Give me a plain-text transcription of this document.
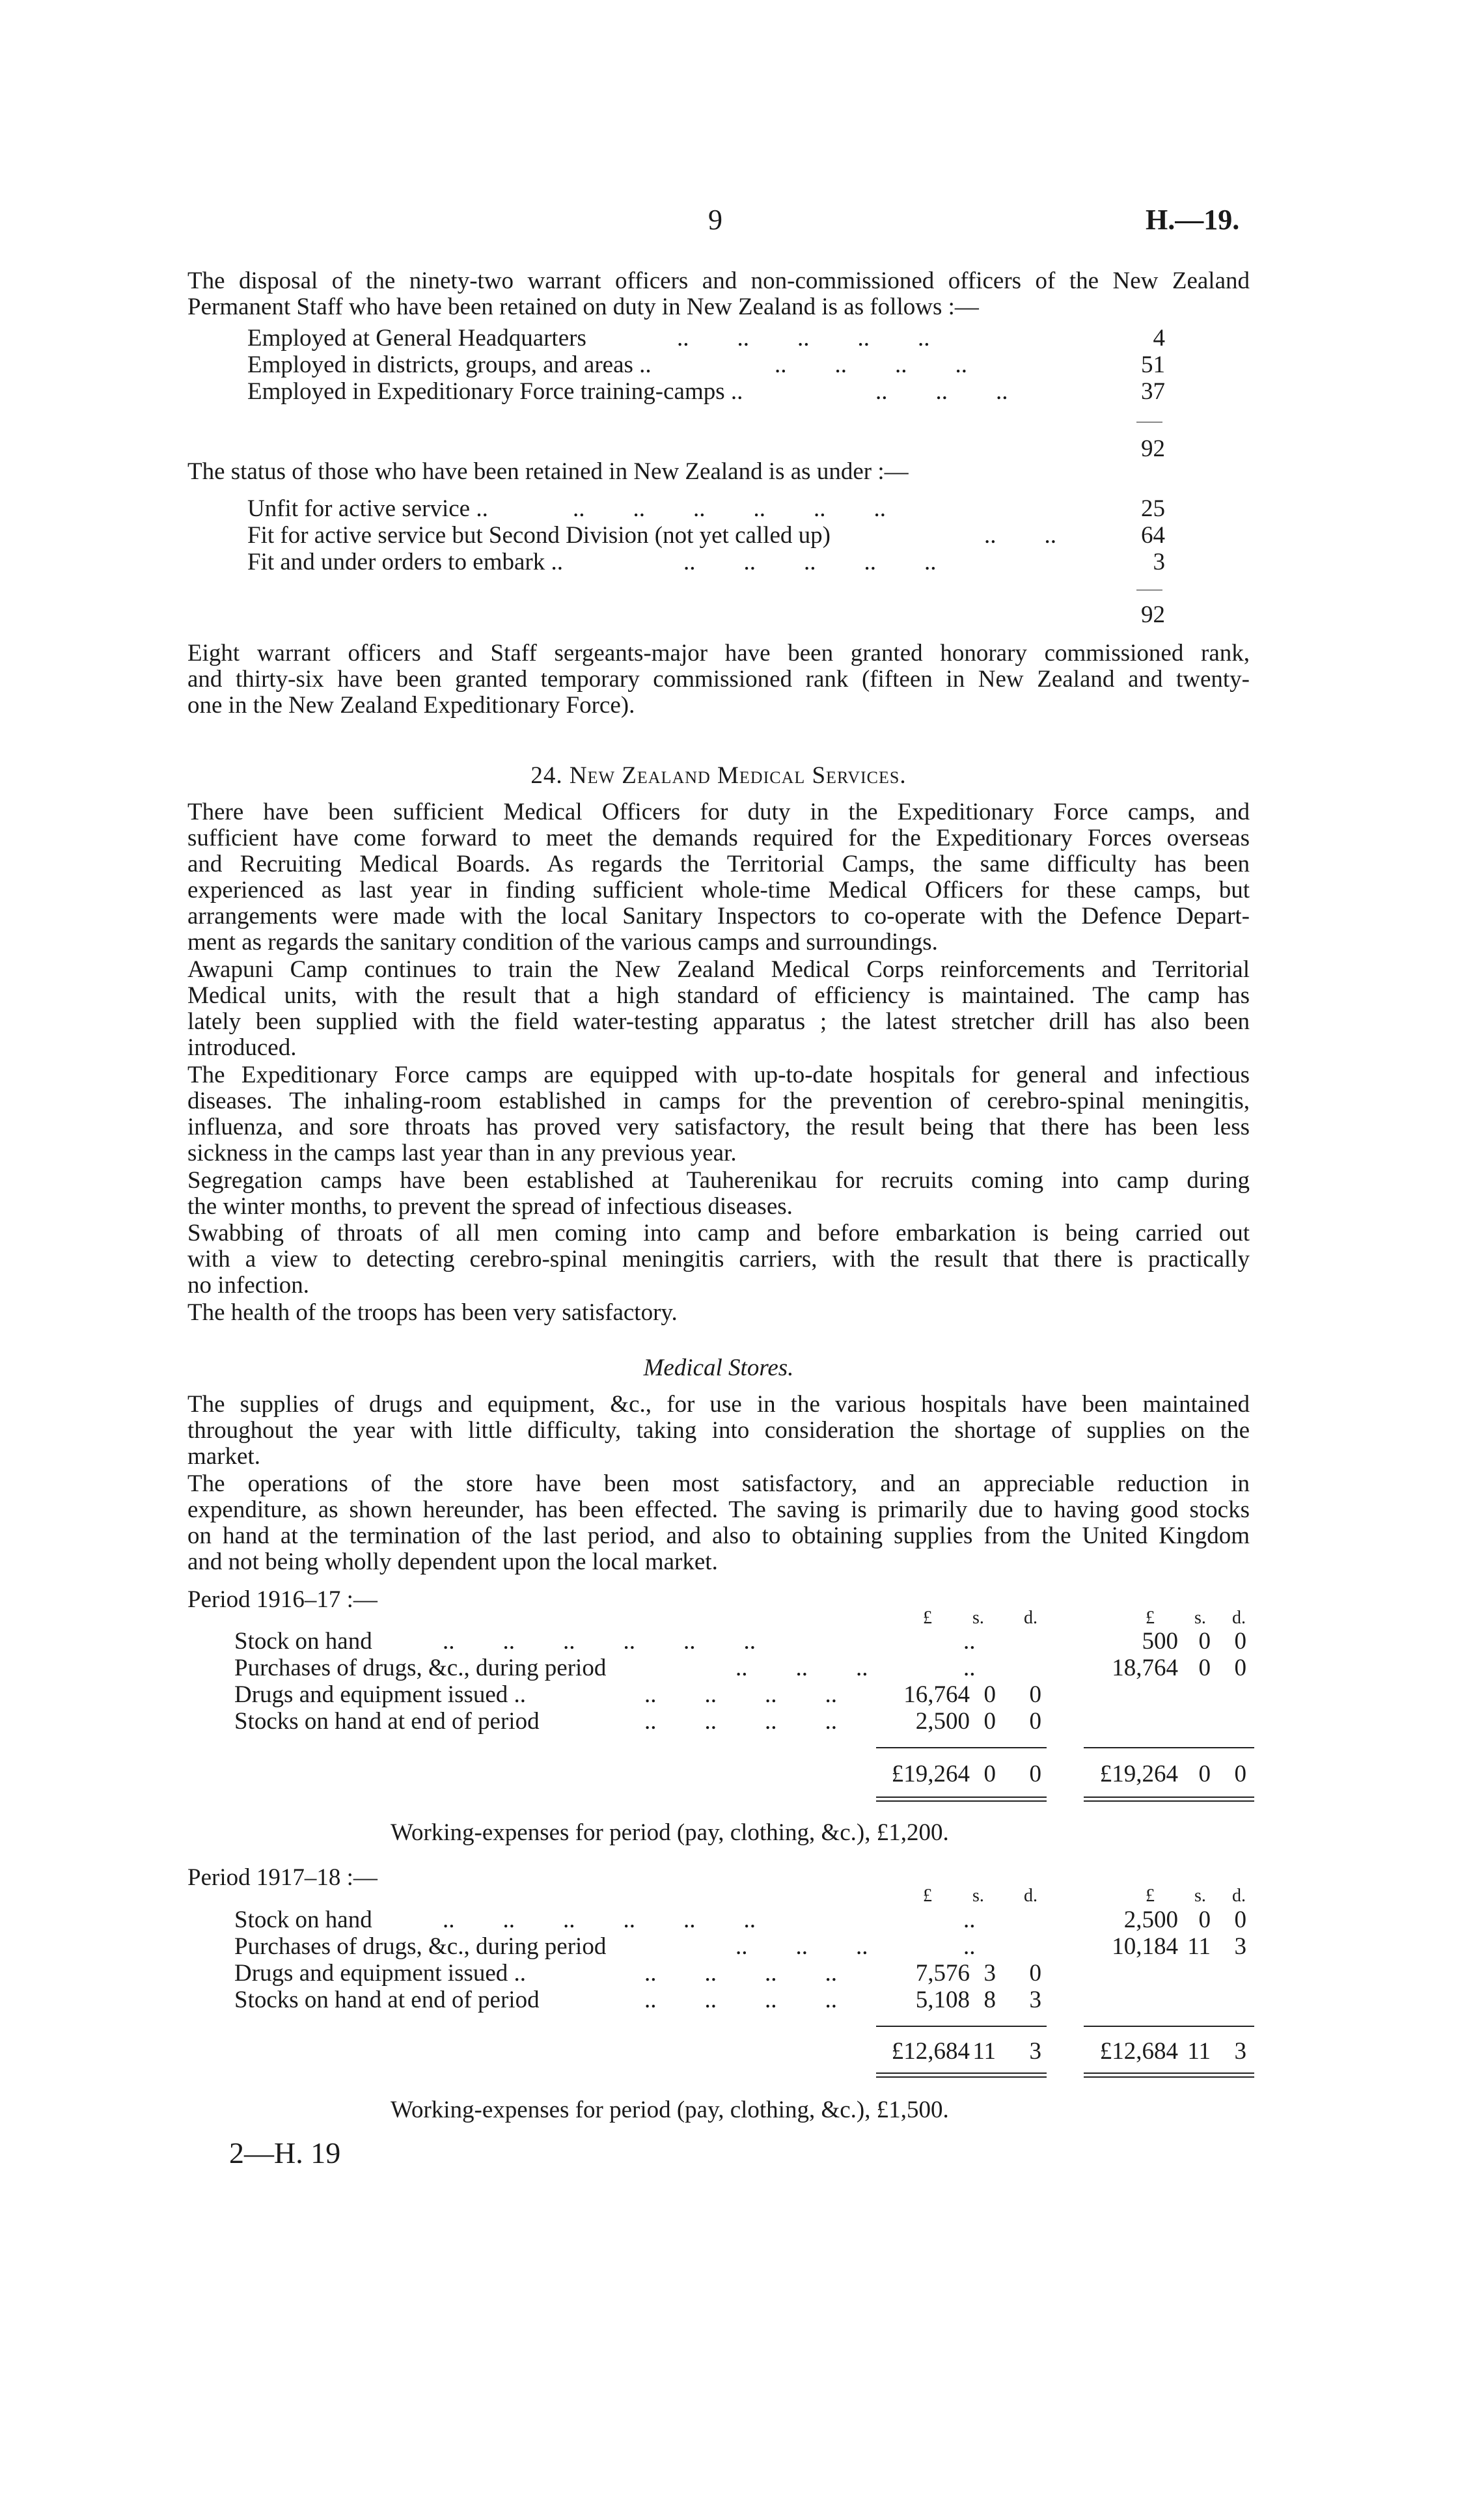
9	H.—19.
The disposal of the ninety-two warrant officers and non-commissioned officers of the New Zealand
Permanent Staff who have been retained on duty in New Zealand is as follows :—
Employed at General Headquarters	..        ..        ..        ..        ..	4
Employed in districts, groups, and areas ..	..        ..        ..        ..	51
Employed in Expeditionary Force training-camps ..	..        ..        ..	37
92
The status of those who have been retained in New Zealand is as under :—
Unfit for active service ..	..        ..        ..        ..        ..        ..	25
Fit for active service but Second Division (not yet called up)	..        ..	64
Fit and under orders to embark ..	..        ..        ..        ..        ..	3
92
Eight warrant officers and Staff sergeants-major have been granted honorary commissioned rank,
and thirty-six have been granted temporary commissioned rank (fifteen in New Zealand and twenty-
one in the New Zealand Expeditionary Force).
24. New Zealand Medical Services.
There have been sufficient Medical Officers for duty in the Expeditionary Force camps, and
sufficient have come forward to meet the demands required for the Expeditionary Forces overseas
and Recruiting Medical Boards. As regards the Territorial Camps, the same difficulty has been
experienced as last year in finding sufficient whole-time Medical Officers for these camps, but
arrangements were made with the local Sanitary Inspectors to co-operate with the Defence Depart-
ment as regards the sanitary condition of the various camps and surroundings.
Awapuni Camp continues to train the New Zealand Medical Corps reinforcements and Territorial
Medical units, with the result that a high standard of efficiency is maintained. The camp has
lately been supplied with the field water-testing apparatus ; the latest stretcher drill has also been
introduced.
The Expeditionary Force camps are equipped with up-to-date hospitals for general and infectious
diseases. The inhaling-room established in camps for the prevention of cerebro-spinal meningitis,
influenza, and sore throats has proved very satisfactory, the result being that there has been less
sickness in the camps last year than in any previous year.
Segregation camps have been established at Tauherenikau for recruits coming into camp during
the winter months, to prevent the spread of infectious diseases.
Swabbing of throats of all men coming into camp and before embarkation is being carried out
with a view to detecting cerebro-spinal meningitis carriers, with the result that there is practically
no infection.
The health of the troops has been very satisfactory.
Medical Stores.
The supplies of drugs and equipment, &c., for use in the various hospitals have been maintained
throughout the year with little difficulty, taking into consideration the shortage of supplies on the
market.
The operations of the store have been most satisfactory, and an appreciable reduction in
expenditure, as shown hereunder, has been effected. The saving is primarily due to having good stocks
on hand at the termination of the last period, and also to obtaining supplies from the United Kingdom
and not being wholly dependent upon the local market.
Period 1916–17 :—
£ s. d.	£ s. d.
Stock on hand	..        ..        ..        ..        ..        ..	..	500 0 0
Purchases of drugs, &c., during period	..        ..        ..	..	18,764 0 0
Drugs and equipment issued ..	..        ..        ..        ..	16,764 0	0
Stocks on hand at end of period	..        ..        ..        ..	2,500 0	0
£19,264 0	0	£19,264 0 0
Working-expenses for period (pay, clothing, &c.), £1,200.
Period 1917–18 :—
£ s. d.	£ s. d.
Stock on hand	..        ..        ..        ..        ..        ..	..	2,500 0 0
Purchases of drugs, &c., during period	..        ..        ..	..	10,184 11 3
Drugs and equipment issued ..	..        ..        ..        ..	7,576 3	0
Stocks on hand at end of period	..        ..        ..        ..	5,108 8	3
£12,684 11	3	£12,684 11 3
Working-expenses for period (pay, clothing, &c.), £1,500.
2—H. 19
